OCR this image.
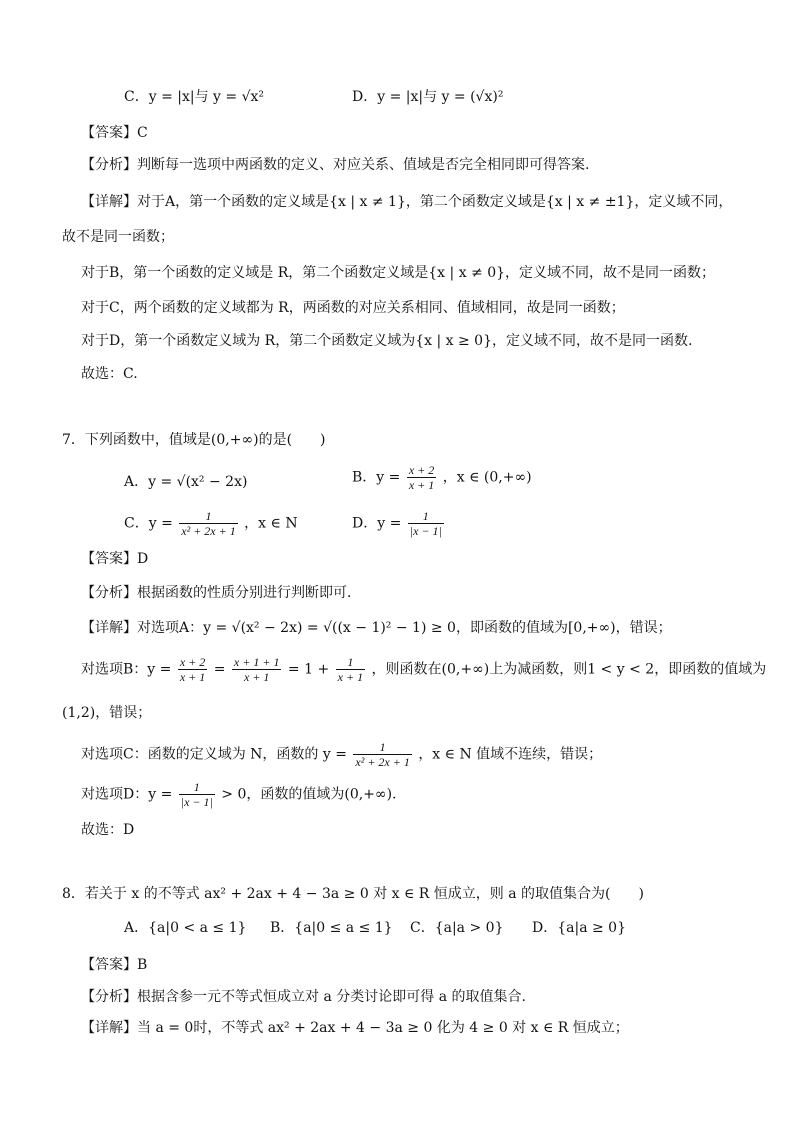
C．y = |x|与 y = √x²	D．y = |x|与 y = (√x)²
【答案】C
【分析】判断每一选项中两函数的定义、对应关系、值域是否完全相同即可得答案.
【详解】对于A，第一个函数的定义域是{x | x ≠ 1}，第二个函数定义域是{x | x ≠ ±1}，定义域不同，
故不是同一函数；
对于B，第一个函数的定义域是 R，第二个函数定义域是{x | x ≠ 0}，定义域不同，故不是同一函数；
对于C，两个函数的定义域都为 R，两函数的对应关系相同、值域相同，故是同一函数；
对于D，第一个函数定义域为 R，第二个函数定义域为{x | x ≥ 0}，定义域不同，故不是同一函数.
故选：C.
7．下列函数中，值域是(0,+∞)的是(　　)
A．y = √(x² − 2x)	B．$y = \frac{x + 2}{x + 1}$ ，x ∈ (0,+∞)
C．$y = \frac{1}{\text{x² + 2x + 1}}$ ，x ∈ N	D．$y = \frac{1}{|x - 1|}$
【答案】D
【分析】根据函数的性质分别进行判断即可．
【详解】对选项A：y = √(x² − 2x) = √((x − 1)² − 1) ≥ 0，即函数的值域为[0,+∞)，错误；
对选项B：$y = \frac{x + 2}{x + 1} = \frac{x + 1 + 1}{x + 1} = 1 + \frac{1}{x + 1}$ ，则函数在(0,+∞)上为减函数，则1 < y < 2，即函数的值域为
(1,2)，错误；
对选项C：函数的定义域为 N，函数的 $y = \frac{1}{\text{x² + 2x + 1}}$ ，x ∈ N 值域不连续，错误；
对选项D：$y = \frac{1}{|x - 1|} > 0$，函数的值域为(0,+∞).
故选：D
8．若关于 x 的不等式 ax² + 2ax + 4 − 3a ≥ 0 对 x ∈ R 恒成立，则 a 的取值集合为(　　)
A．{a|0 < a ≤ 1} B．{a|0 ≤ a ≤ 1} C．{a|a > 0} D．{a|a ≥ 0}
【答案】B
【分析】根据含参一元不等式恒成立对 a 分类讨论即可得 a 的取值集合.
【详解】当 a = 0时，不等式 ax² + 2ax + 4 − 3a ≥ 0 化为 4 ≥ 0 对 x ∈ R 恒成立；
